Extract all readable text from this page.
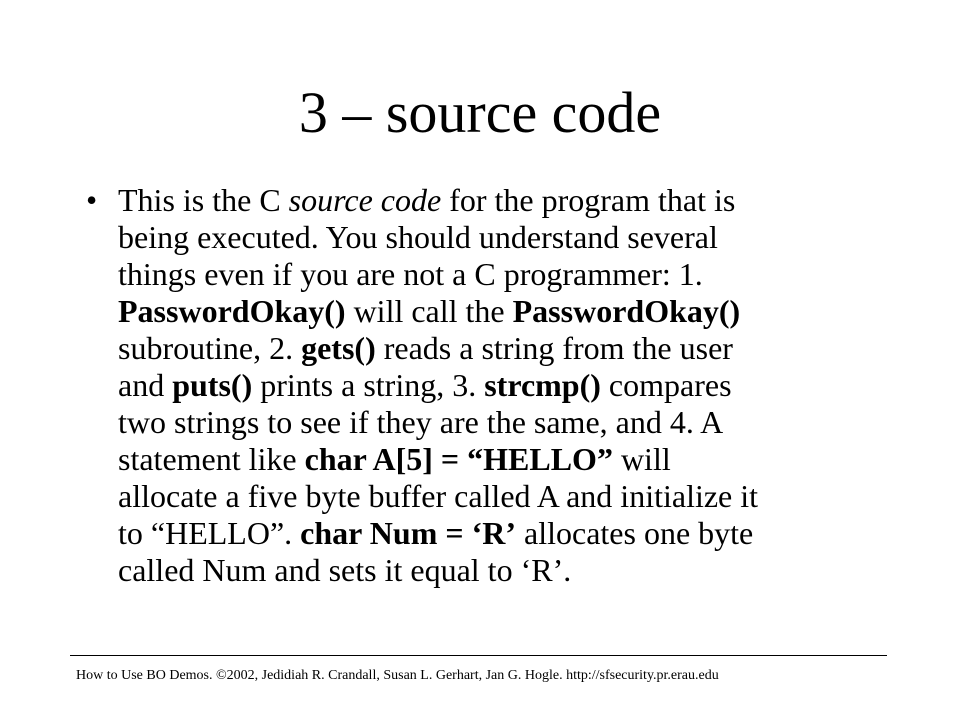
3 – source code
• This is the C source code for the program that is
being executed. You should understand several
things even if you are not a C programmer: 1.
PasswordOkay() will call the PasswordOkay()
subroutine, 2. gets() reads a string from the user
and puts() prints a string, 3. strcmp() compares
two strings to see if they are the same, and 4. A
statement like char A[5] = “HELLO” will
allocate a five byte buffer called A and initialize it
to “HELLO”. char Num = ‘R’ allocates one byte
called Num and sets it equal to ‘R’.

How to Use BO Demos. ©2002, Jedidiah R. Crandall, Susan L. Gerhart, Jan G. Hogle. http://sfsecurity.pr.erau.edu
